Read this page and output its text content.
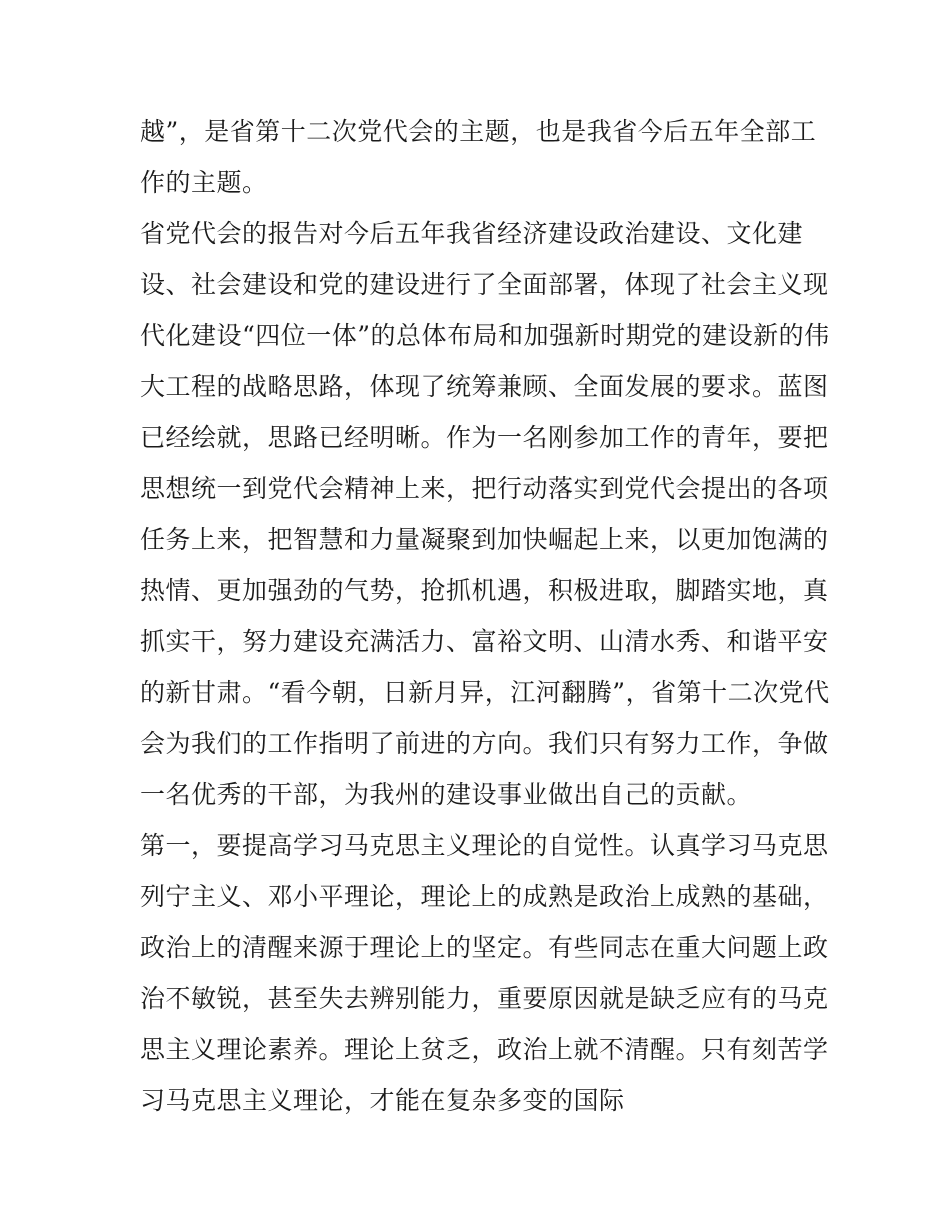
越”，是省第十二次党代会的主题，也是我省今后五年全部工
作的主题。
省党代会的报告对今后五年我省经济建设政治建设、文化建
设、社会建设和党的建设进行了全面部署，体现了社会主义现
代化建设“四位一体”的总体布局和加强新时期党的建设新的伟
大工程的战略思路，体现了统筹兼顾、全面发展的要求。蓝图
已经绘就，思路已经明晰。作为一名刚参加工作的青年，要把
思想统一到党代会精神上来，把行动落实到党代会提出的各项
任务上来，把智慧和力量凝聚到加快崛起上来，以更加饱满的
热情、更加强劲的气势，抢抓机遇，积极进取，脚踏实地，真
抓实干，努力建设充满活力、富裕文明、山清水秀、和谐平安
的新甘肃。“看今朝，日新月异，江河翻腾”，省第十二次党代
会为我们的工作指明了前进的方向。我们只有努力工作，争做
一名优秀的干部，为我州的建设事业做出自己的贡献。
第一，要提高学习马克思主义理论的自觉性。认真学习马克思
列宁主义、邓小平理论，理论上的成熟是政治上成熟的基础，
政治上的清醒来源于理论上的坚定。有些同志在重大问题上政
治不敏锐，甚至失去辨别能力，重要原因就是缺乏应有的马克
思主义理论素养。理论上贫乏，政治上就不清醒。只有刻苦学
习马克思主义理论，才能在复杂多变的国际
